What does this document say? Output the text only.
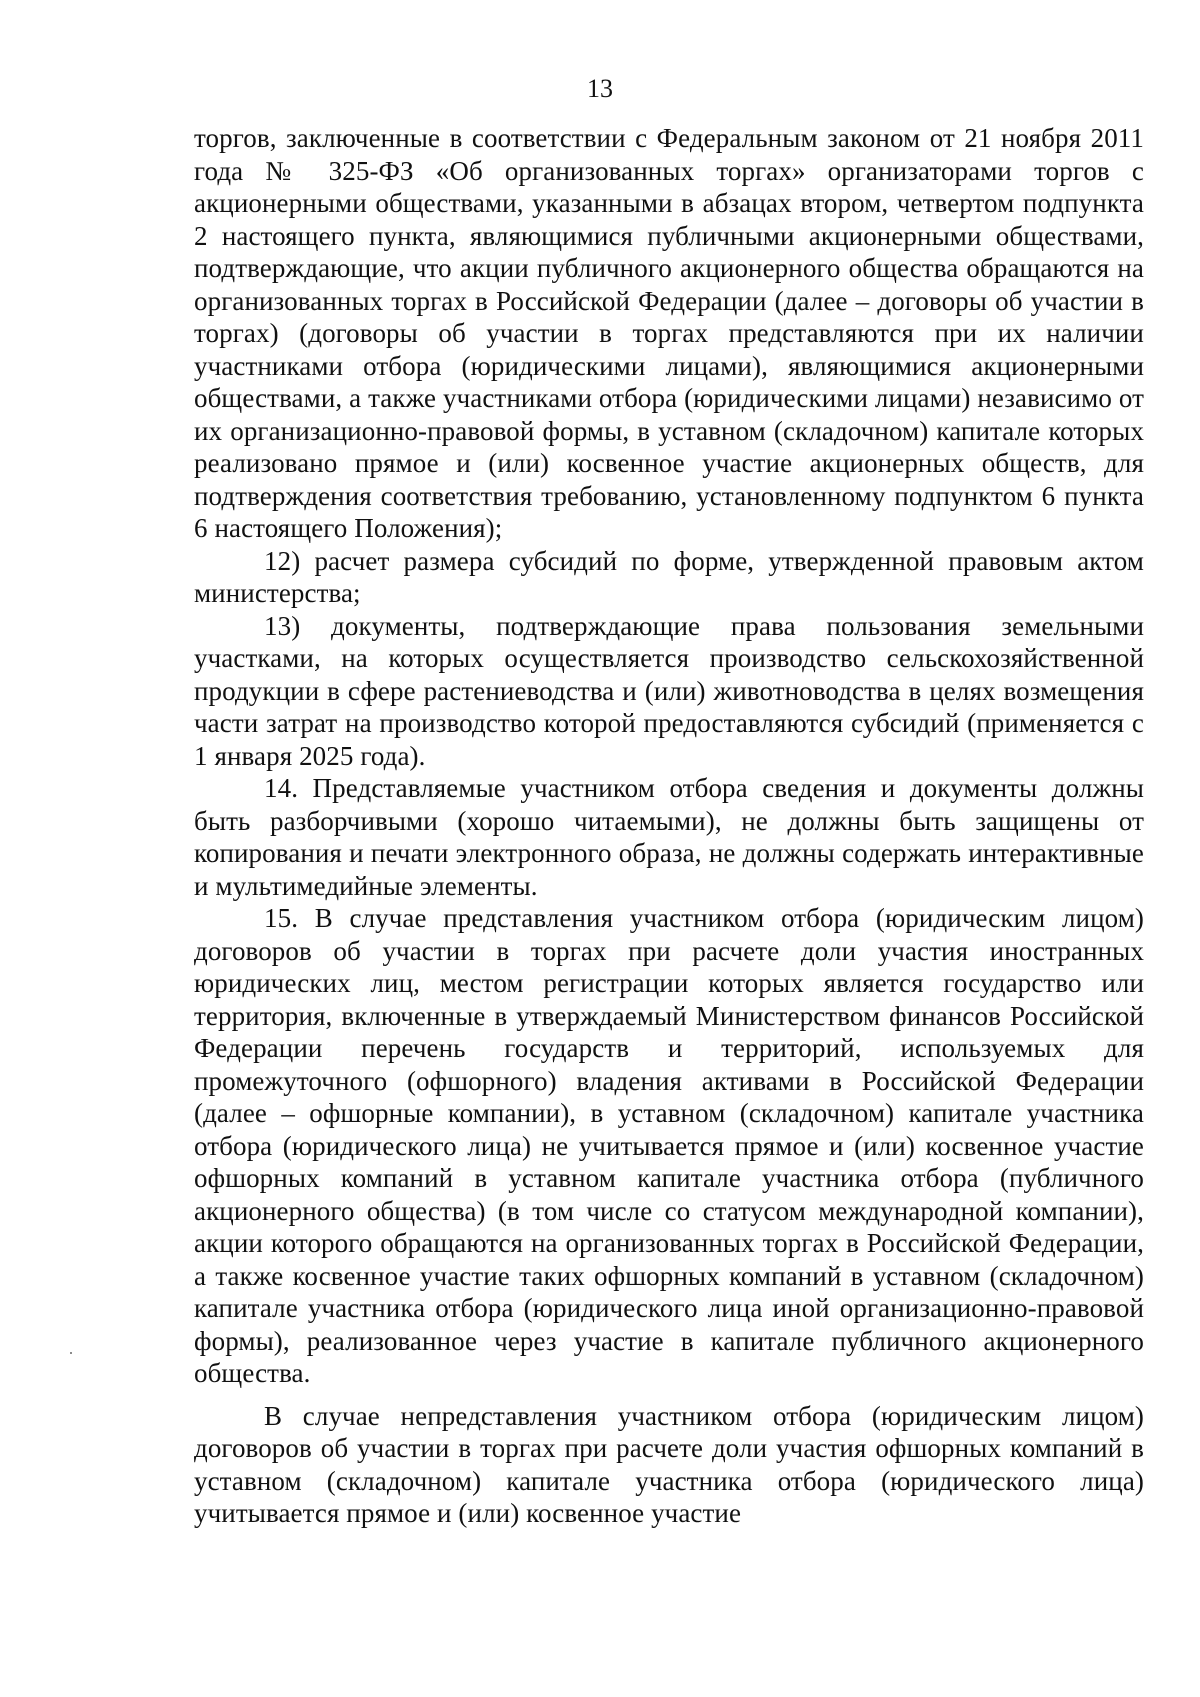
13

торгов, заключенные в соответствии с Федеральным законом от 21 ноября 2011 года № 325-ФЗ «Об организованных торгах» организаторами торгов с акционерными обществами, указанными в абзацах втором, четвертом подпункта 2 настоящего пункта, являющимися публичными акционерными обществами, подтверждающие, что акции публичного акционерного общества обращаются на организованных торгах в Российской Федерации (далее – договоры об участии в торгах) (договоры об участии в торгах представляются при их наличии участниками отбора (юридическими лицами), являющимися акционерными обществами, а также участниками отбора (юридическими лицами) независимо от их организационно-правовой формы, в уставном (складочном) капитале которых реализовано прямое и (или) косвенное участие акционерных обществ, для подтверждения соответствия требованию, установленному подпунктом 6 пункта 6 настоящего Положения);

12) расчет размера субсидий по форме, утвержденной правовым актом министерства;

13) документы, подтверждающие права пользования земельными участками, на которых осуществляется производство сельскохозяйственной продукции в сфере растениеводства и (или) животноводства в целях возмещения части затрат на производство которой предоставляются субсидий (применяется с 1 января 2025 года).

14. Представляемые участником отбора сведения и документы должны быть разборчивыми (хорошо читаемыми), не должны быть защищены от копирования и печати электронного образа, не должны содержать интерактивные и мультимедийные элементы.

15. В случае представления участником отбора (юридическим лицом) договоров об участии в торгах при расчете доли участия иностранных юридических лиц, местом регистрации которых является государство или территория, включенные в утверждаемый Министерством финансов Российской Федерации перечень государств и территорий, используемых для промежуточного (офшорного) владения активами в Российской Федерации (далее – офшорные компании), в уставном (складочном) капитале участника отбора (юридического лица) не учитывается прямое и (или) косвенное участие офшорных компаний в уставном капитале участника отбора (публичного акционерного общества) (в том числе со статусом международной компании), акции которого обращаются на организованных торгах в Российской Федерации, а также косвенное участие таких офшорных компаний в уставном (складочном) капитале участника отбора (юридического лица иной организационно-правовой формы), реализованное через участие в капитале публичного акционерного общества.

В случае непредставления участником отбора (юридическим лицом) договоров об участии в торгах при расчете доли участия офшорных компаний в уставном (складочном) капитале участника отбора (юридического лица) учитывается прямое и (или) косвенное участие
